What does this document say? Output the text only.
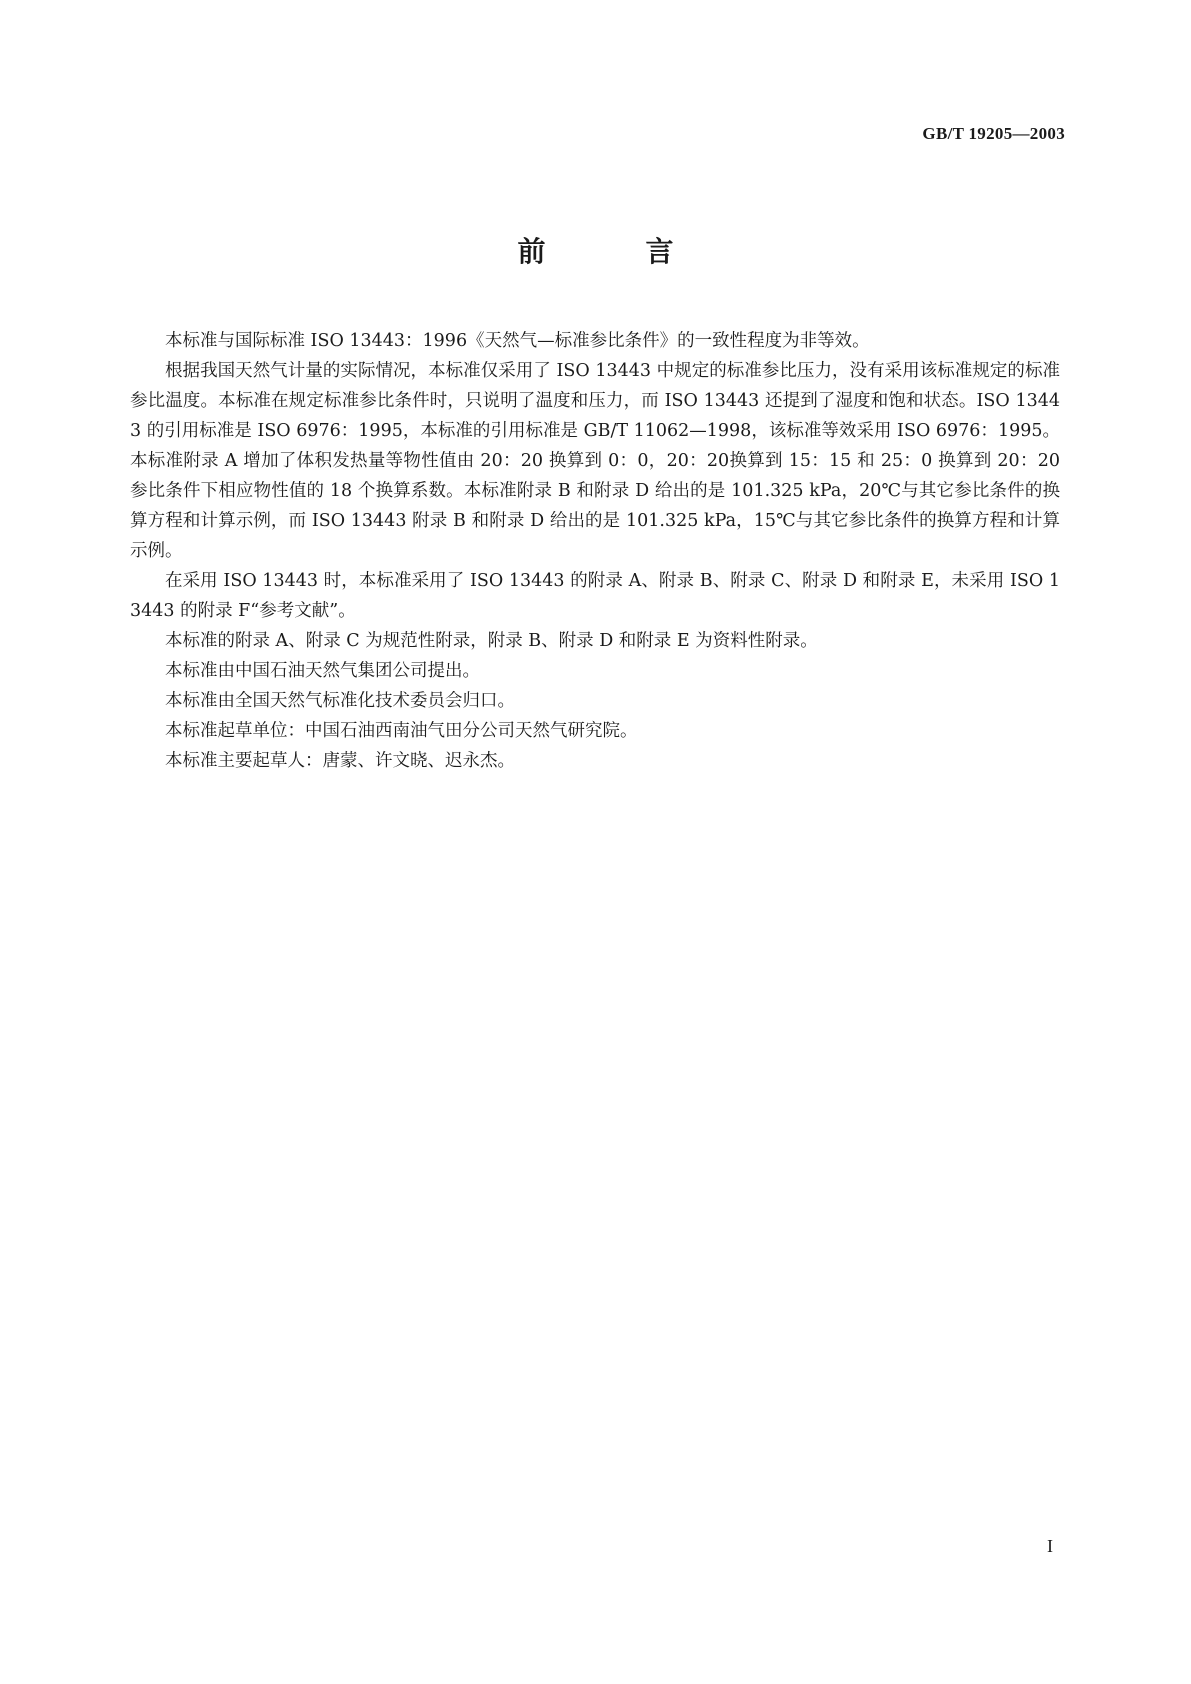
GB/T 19205—2003
前　言

本标准与国际标准 ISO 13443：1996《天然气—标准参比条件》的一致性程度为非等效。

根据我国天然气计量的实际情况，本标准仅采用了 ISO 13443 中规定的标准参比压力，没有采用该标准规定的标准参比温度。本标准在规定标准参比条件时，只说明了温度和压力，而 ISO 13443 还提到了湿度和饱和状态。ISO 13443 的引用标准是 ISO 6976：1995，本标准的引用标准是 GB/T 11062—1998，该标准等效采用 ISO 6976：1995。本标准附录 A 增加了体积发热量等物性值由 20：20 换算到 0：0，20：20换算到 15：15 和 25：0 换算到 20：20 参比条件下相应物性值的 18 个换算系数。本标准附录 B 和附录 D 给出的是 101.325 kPa，20℃与其它参比条件的换算方程和计算示例，而 ISO 13443 附录 B 和附录 D 给出的是 101.325 kPa，15℃与其它参比条件的换算方程和计算示例。

在采用 ISO 13443 时，本标准采用了 ISO 13443 的附录 A、附录 B、附录 C、附录 D 和附录 E，未采用 ISO 13443 的附录 F“参考文献”。

本标准的附录 A、附录 C 为规范性附录，附录 B、附录 D 和附录 E 为资料性附录。

本标准由中国石油天然气集团公司提出。

本标准由全国天然气标准化技术委员会归口。

本标准起草单位：中国石油西南油气田分公司天然气研究院。

本标准主要起草人：唐蒙、许文晓、迟永杰。

I
